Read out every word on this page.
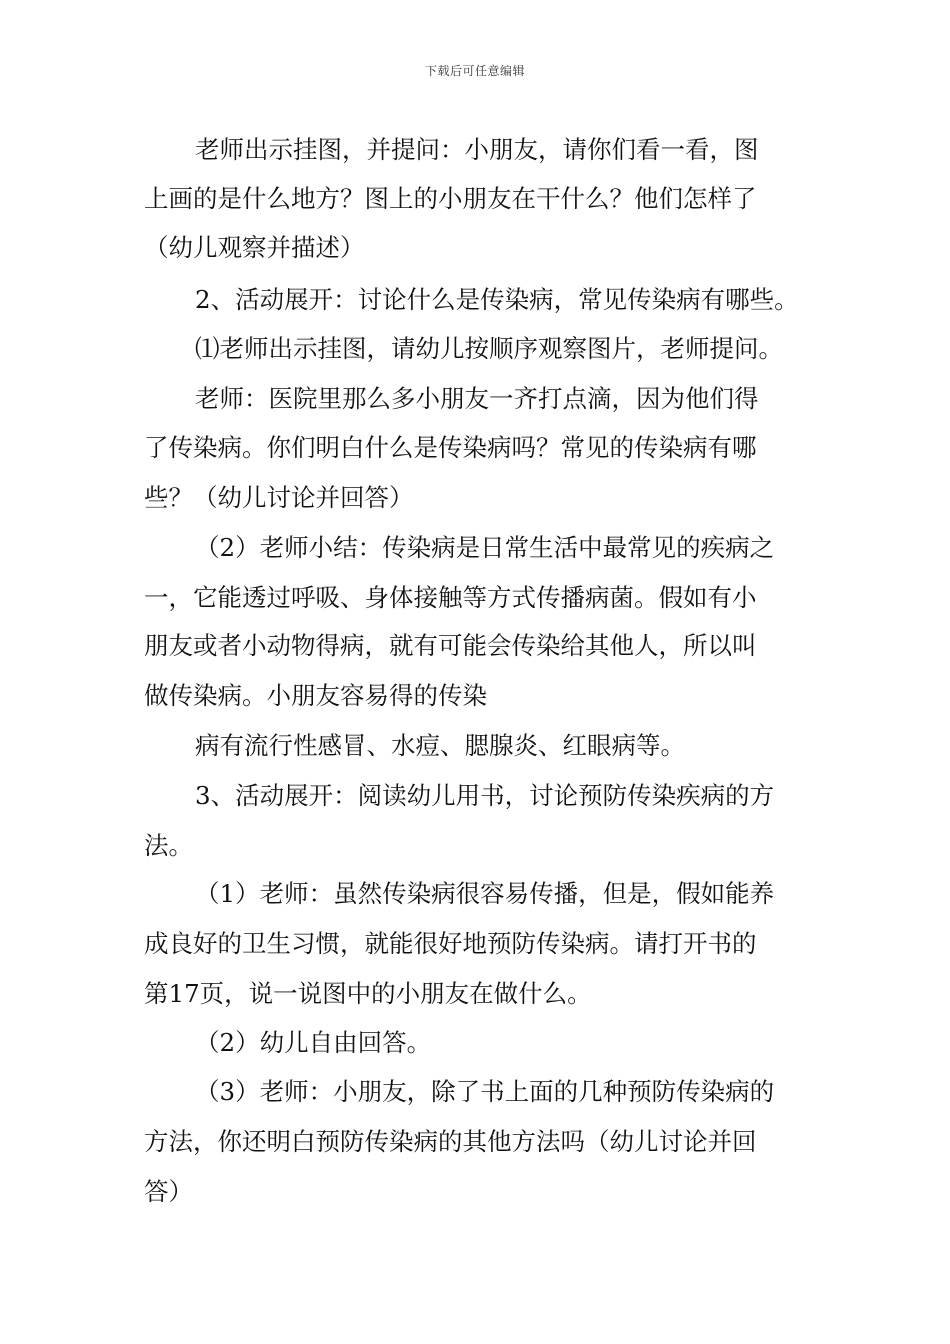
下载后可任意编辑
老师出示挂图，并提问：小朋友，请你们看一看，图
上画的是什么地方？图上的小朋友在干什么？他们怎样了
（幼儿观察并描述）
2、活动展开：讨论什么是传染病，常见传染病有哪些。
⑴老师出示挂图，请幼儿按顺序观察图片，老师提问。
老师：医院里那么多小朋友一齐打点滴，因为他们得
了传染病。你们明白什么是传染病吗？常见的传染病有哪
些？（幼儿讨论并回答）
（2）老师小结：传染病是日常生活中最常见的疾病之
一，它能透过呼吸、身体接触等方式传播病菌。假如有小
朋友或者小动物得病，就有可能会传染给其他人，所以叫
做传染病。小朋友容易得的传染
病有流行性感冒、水痘、腮腺炎、红眼病等。
3、活动展开：阅读幼儿用书，讨论预防传染疾病的方
法。
（1）老师：虽然传染病很容易传播，但是，假如能养
成良好的卫生习惯，就能很好地预防传染病。请打开书的
第17页，说一说图中的小朋友在做什么。
（2）幼儿自由回答。
（3）老师：小朋友，除了书上面的几种预防传染病的
方法，你还明白预防传染病的其他方法吗（幼儿讨论并回
答）
